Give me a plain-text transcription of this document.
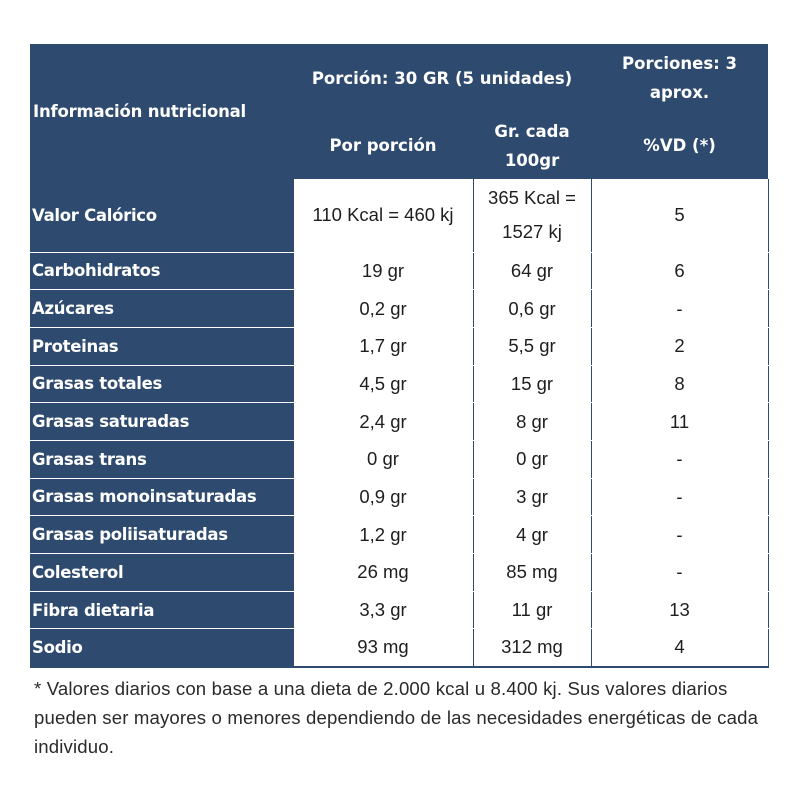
Información nutricional	Porción: 30 GR (5 unidades)		Porciones: 3 aprox.
	Por porción	Gr. cada 100gr	%VD (*)
Valor Calórico	110 Kcal = 460 kj	365 Kcal = 1527 kj	5
Carbohidratos	19 gr	64 gr	6
Azúcares	0,2 gr	0,6 gr	-
Proteinas	1,7 gr	5,5 gr	2
Grasas totales	4,5 gr	15 gr	8
Grasas saturadas	2,4 gr	8 gr	11
Grasas trans	0 gr	0 gr	-
Grasas monoinsaturadas	0,9 gr	3 gr	-
Grasas poliisaturadas	1,2 gr	4 gr	-
Colesterol	26 mg	85 mg	-
Fibra dietaria	3,3 gr	11 gr	13
Sodio	93 mg	312 mg	4
* Valores diarios con base a una dieta de 2.000 kcal u 8.400 kj. Sus valores diarios pueden ser mayores o menores dependiendo de las necesidades energéticas de cada individuo.
